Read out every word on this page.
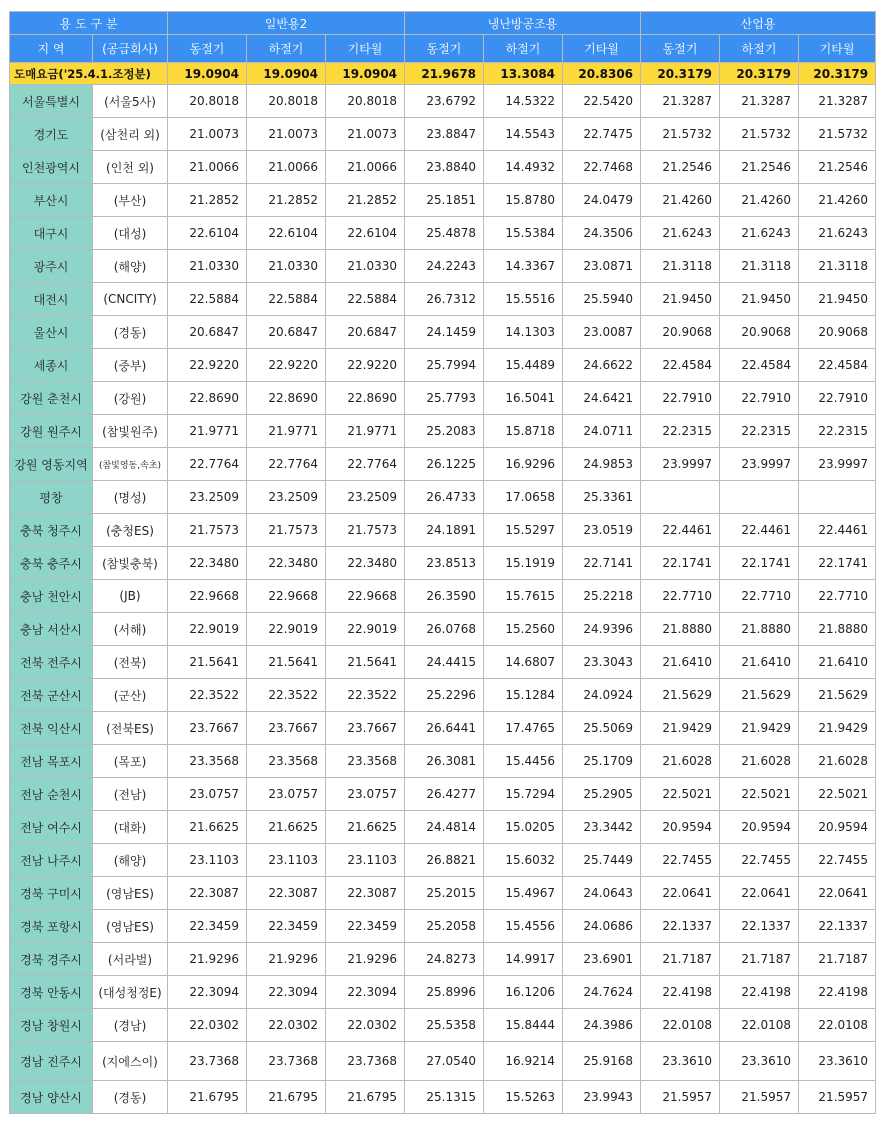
용 도 구 분		일반용2			냉난방공조용			산업용		
지 역	(공급회사)	동절기	하절기	기타월	동절기	하절기	기타월	동절기	하절기	기타월
도매요금('25.4.1.조정분)		19.0904	19.0904	19.0904	21.9678	13.3084	20.8306	20.3179	20.3179	20.3179
서울특별시	(서울5사)	20.8018	20.8018	20.8018	23.6792	14.5322	22.5420	21.3287	21.3287	21.3287
경기도	(삼천리 외)	21.0073	21.0073	21.0073	23.8847	14.5543	22.7475	21.5732	21.5732	21.5732
인천광역시	(인천 외)	21.0066	21.0066	21.0066	23.8840	14.4932	22.7468	21.2546	21.2546	21.2546
부산시	(부산)	21.2852	21.2852	21.2852	25.1851	15.8780	24.0479	21.4260	21.4260	21.4260
대구시	(대성)	22.6104	22.6104	22.6104	25.4878	15.5384	24.3506	21.6243	21.6243	21.6243
광주시	(해양)	21.0330	21.0330	21.0330	24.2243	14.3367	23.0871	21.3118	21.3118	21.3118
대전시	(CNCITY)	22.5884	22.5884	22.5884	26.7312	15.5516	25.5940	21.9450	21.9450	21.9450
울산시	(경동)	20.6847	20.6847	20.6847	24.1459	14.1303	23.0087	20.9068	20.9068	20.9068
세종시	(중부)	22.9220	22.9220	22.9220	25.7994	15.4489	24.6622	22.4584	22.4584	22.4584
강원 춘천시	(강원)	22.8690	22.8690	22.8690	25.7793	16.5041	24.6421	22.7910	22.7910	22.7910
강원 원주시	(참빛원주)	21.9771	21.9771	21.9771	25.2083	15.8718	24.0711	22.2315	22.2315	22.2315
강원 영동지역	(참빛영동,속초)	22.7764	22.7764	22.7764	26.1225	16.9296	24.9853	23.9997	23.9997	23.9997
평창	(명성)	23.2509	23.2509	23.2509	26.4733	17.0658	25.3361			
충북 청주시	(충청ES)	21.7573	21.7573	21.7573	24.1891	15.5297	23.0519	22.4461	22.4461	22.4461
충북 충주시	(참빛충북)	22.3480	22.3480	22.3480	23.8513	15.1919	22.7141	22.1741	22.1741	22.1741
충남 천안시	(JB)	22.9668	22.9668	22.9668	26.3590	15.7615	25.2218	22.7710	22.7710	22.7710
충남 서산시	(서해)	22.9019	22.9019	22.9019	26.0768	15.2560	24.9396	21.8880	21.8880	21.8880
전북 전주시	(전북)	21.5641	21.5641	21.5641	24.4415	14.6807	23.3043	21.6410	21.6410	21.6410
전북 군산시	(군산)	22.3522	22.3522	22.3522	25.2296	15.1284	24.0924	21.5629	21.5629	21.5629
전북 익산시	(전북ES)	23.7667	23.7667	23.7667	26.6441	17.4765	25.5069	21.9429	21.9429	21.9429
전남 목포시	(목포)	23.3568	23.3568	23.3568	26.3081	15.4456	25.1709	21.6028	21.6028	21.6028
전남 순천시	(전남)	23.0757	23.0757	23.0757	26.4277	15.7294	25.2905	22.5021	22.5021	22.5021
전남 여수시	(대화)	21.6625	21.6625	21.6625	24.4814	15.0205	23.3442	20.9594	20.9594	20.9594
전남 나주시	(해양)	23.1103	23.1103	23.1103	26.8821	15.6032	25.7449	22.7455	22.7455	22.7455
경북 구미시	(영남ES)	22.3087	22.3087	22.3087	25.2015	15.4967	24.0643	22.0641	22.0641	22.0641
경북 포항시	(영남ES)	22.3459	22.3459	22.3459	25.2058	15.4556	24.0686	22.1337	22.1337	22.1337
경북 경주시	(서라벌)	21.9296	21.9296	21.9296	24.8273	14.9917	23.6901	21.7187	21.7187	21.7187
경북 안동시	(대성청정E)	22.3094	22.3094	22.3094	25.8996	16.1206	24.7624	22.4198	22.4198	22.4198
경남 창원시	(경남)	22.0302	22.0302	22.0302	25.5358	15.8444	24.3986	22.0108	22.0108	22.0108
경남 진주시	(지에스이)	23.7368	23.7368	23.7368	27.0540	16.9214	25.9168	23.3610	23.3610	23.3610
경남 양산시	(경동)	21.6795	21.6795	21.6795	25.1315	15.5263	23.9943	21.5957	21.5957	21.5957
